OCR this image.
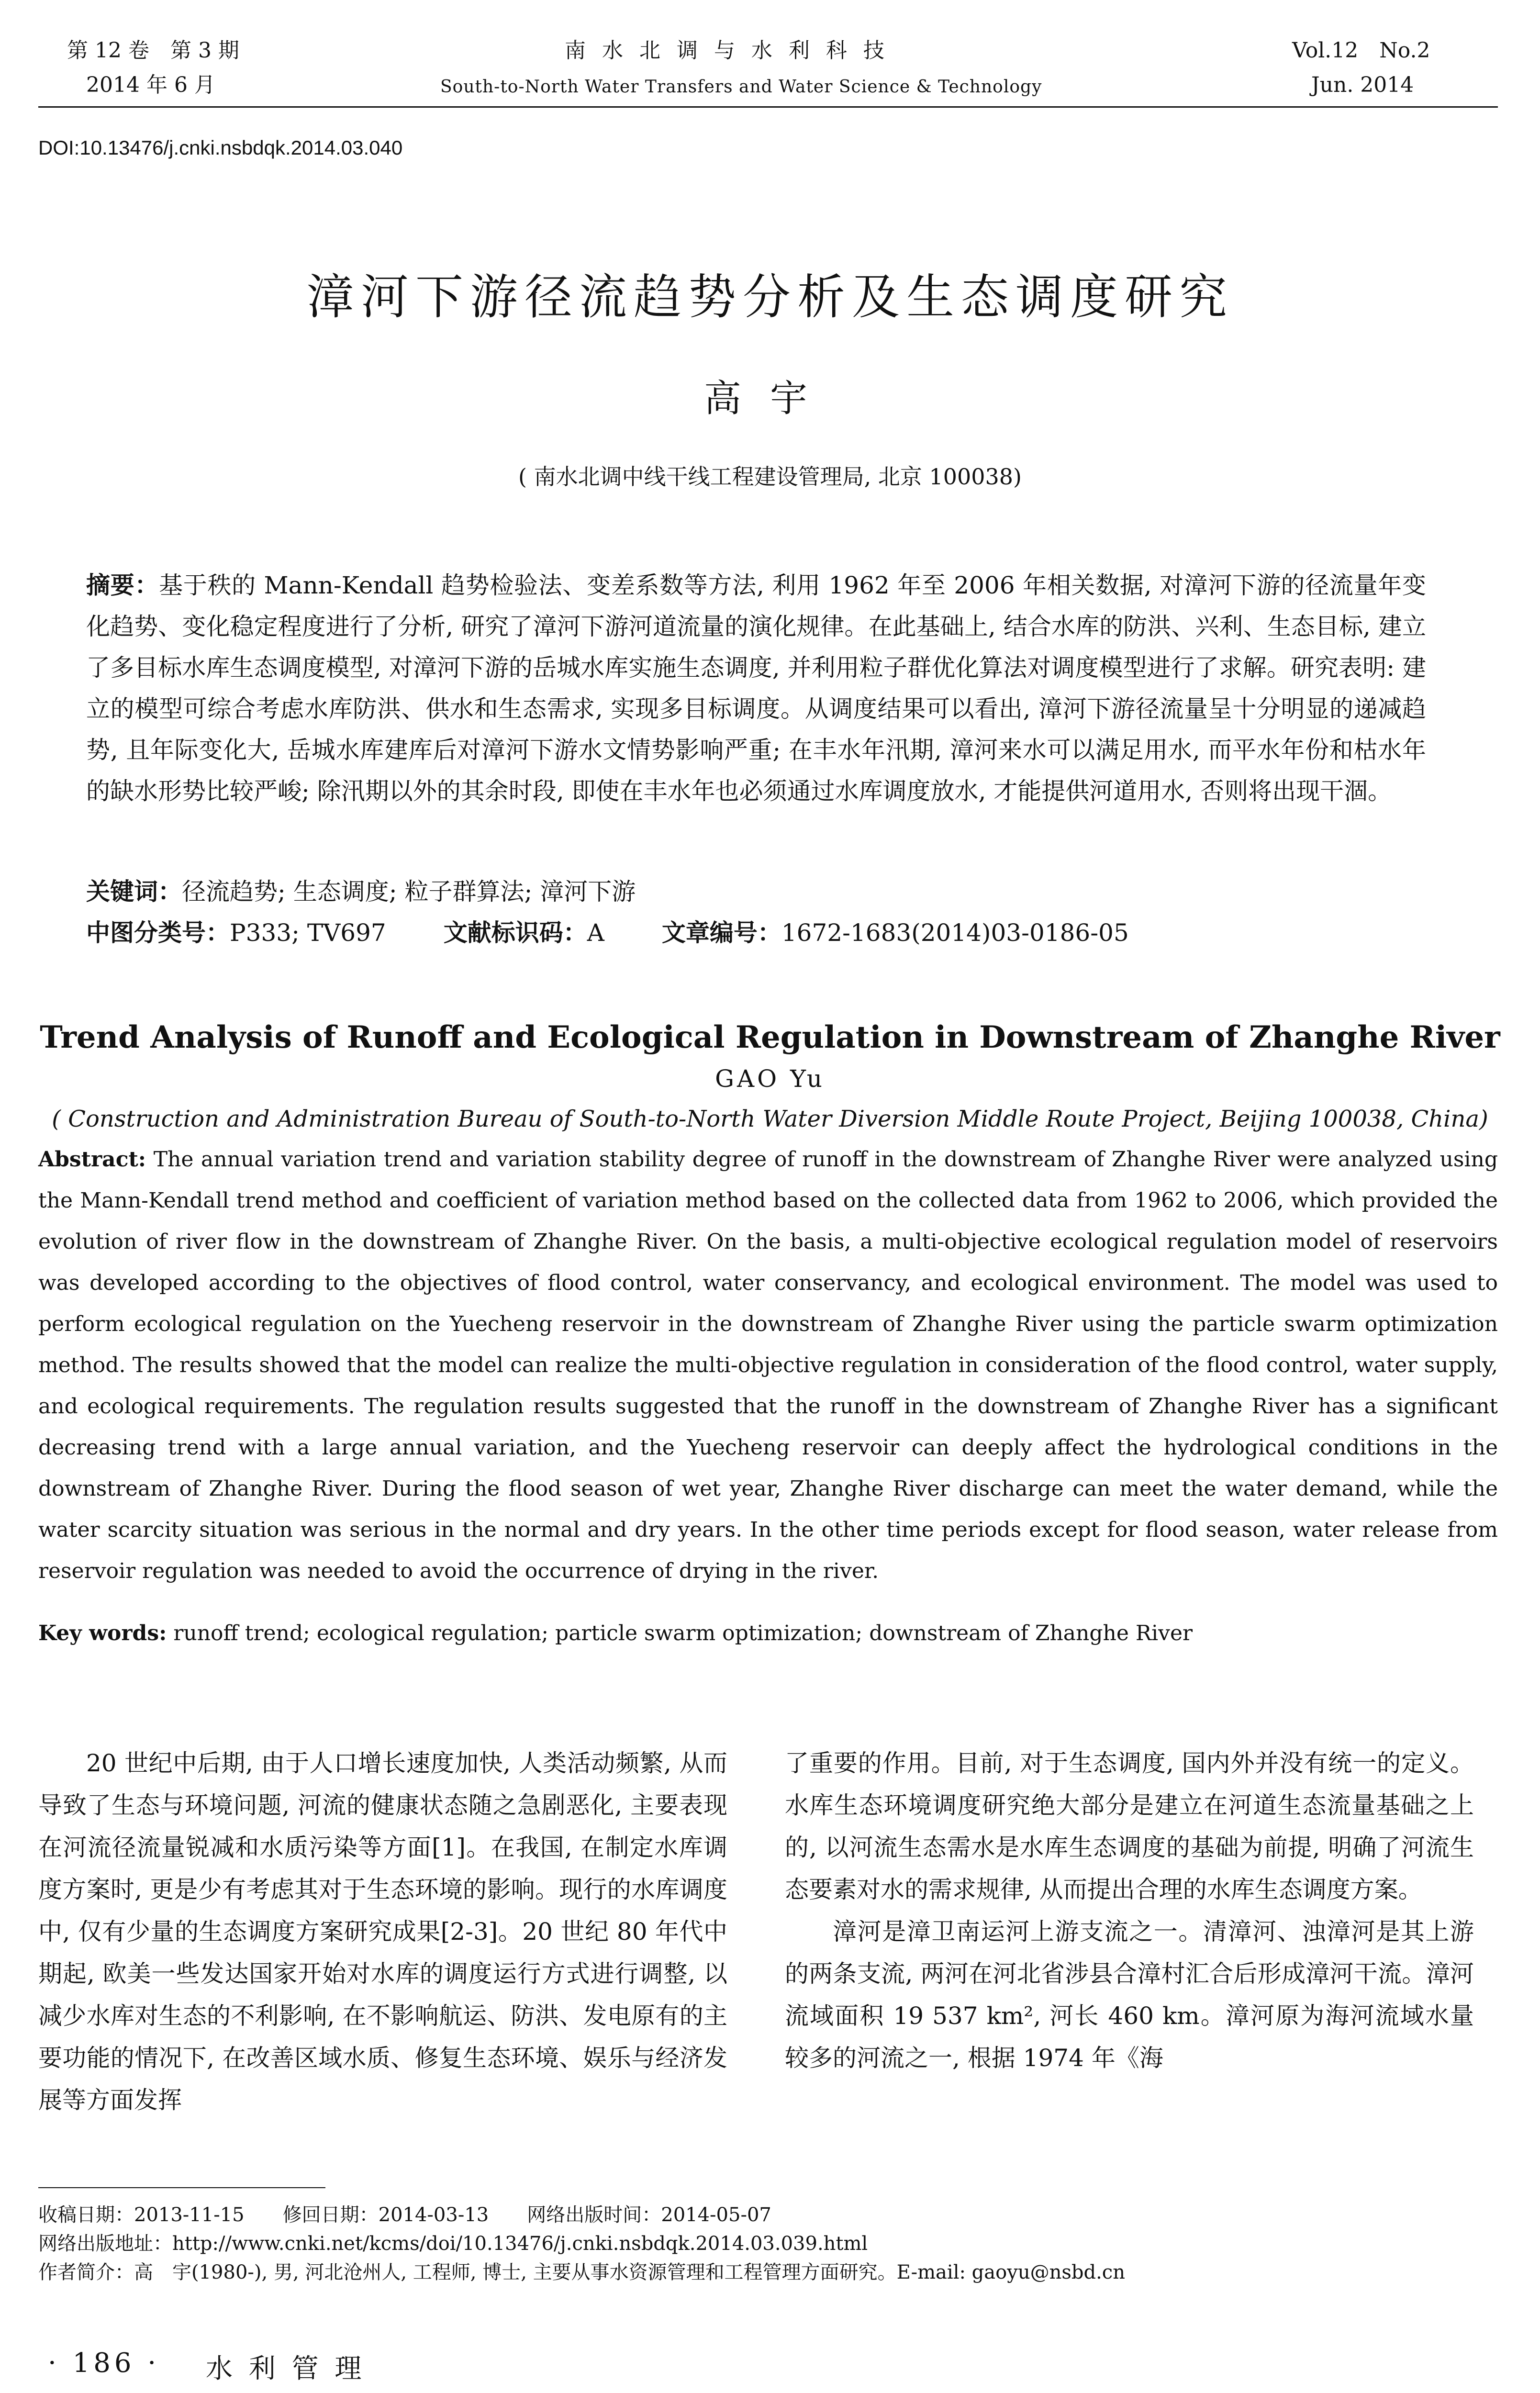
第 12 卷　第 3 期
2014 年 6 月
南 水 北 调 与 水 利 科 技
South-to-North Water Transfers and Water Science & Technology
Vol.12　No.2
Jun. 2014
DOI:10.13476/j.cnki.nsbdqk.2014.03.040
漳河下游径流趋势分析及生态调度研究
高宇
( 南水北调中线干线工程建设管理局, 北京 100038)
摘要：基于秩的 Mann-Kendall 趋势检验法、变差系数等方法, 利用 1962 年至 2006 年相关数据, 对漳河下游的径流量年变化趋势、变化稳定程度进行了分析, 研究了漳河下游河道流量的演化规律。在此基础上, 结合水库的防洪、兴利、生态目标, 建立了多目标水库生态调度模型, 对漳河下游的岳城水库实施生态调度, 并利用粒子群优化算法对调度模型进行了求解。研究表明: 建立的模型可综合考虑水库防洪、供水和生态需求, 实现多目标调度。从调度结果可以看出, 漳河下游径流量呈十分明显的递减趋势, 且年际变化大, 岳城水库建库后对漳河下游水文情势影响严重; 在丰水年汛期, 漳河来水可以满足用水, 而平水年份和枯水年的缺水形势比较严峻; 除汛期以外的其余时段, 即使在丰水年也必须通过水库调度放水, 才能提供河道用水, 否则将出现干涸。
关键词：径流趋势; 生态调度; 粒子群算法; 漳河下游
中图分类号：P333; TV697 文献标识码：A 文章编号：1672-1683(2014)03-0186-05
Trend Analysis of Runoff and Ecological Regulation in Downstream of Zhanghe River
GAO Yu
( Construction and Administration Bureau of South-to-North Water Diversion Middle Route Project, Beijing 100038, China)
Abstract: The annual variation trend and variation stability degree of runoff in the downstream of Zhanghe River were analyzed using the Mann-Kendall trend method and coefficient of variation method based on the collected data from 1962 to 2006, which provided the evolution of river flow in the downstream of Zhanghe River. On the basis, a multi-objective ecological regulation model of reservoirs was developed according to the objectives of flood control, water conservancy, and ecological environment. The model was used to perform ecological regulation on the Yuecheng reservoir in the downstream of Zhanghe River using the particle swarm optimization method. The results showed that the model can realize the multi-objective regulation in consideration of the flood control, water supply, and ecological requirements. The regulation results suggested that the runoff in the downstream of Zhanghe River has a significant decreasing trend with a large annual variation, and the Yuecheng reservoir can deeply affect the hydrological conditions in the downstream of Zhanghe River. During the flood season of wet year, Zhanghe River discharge can meet the water demand, while the water scarcity situation was serious in the normal and dry years. In the other time periods except for flood season, water release from reservoir regulation was needed to avoid the occurrence of drying in the river.
Key words: runoff trend; ecological regulation; particle swarm optimization; downstream of Zhanghe River

20 世纪中后期, 由于人口增长速度加快, 人类活动频繁, 从而导致了生态与环境问题, 河流的健康状态随之急剧恶化, 主要表现在河流径流量锐减和水质污染等方面[1]。在我国, 在制定水库调度方案时, 更是少有考虑其对于生态环境的影响。现行的水库调度中, 仅有少量的生态调度方案研究成果[2-3]。20 世纪 80 年代中期起, 欧美一些发达国家开始对水库的调度运行方式进行调整, 以减少水库对生态的不利影响, 在不影响航运、防洪、发电原有的主要功能的情况下, 在改善区域水质、修复生态环境、娱乐与经济发展等方面发挥

了重要的作用。目前, 对于生态调度, 国内外并没有统一的定义。水库生态环境调度研究绝大部分是建立在河道生态流量基础之上的, 以河流生态需水是水库生态调度的基础为前提, 明确了河流生态要素对水的需求规律, 从而提出合理的水库生态调度方案。

漳河是漳卫南运河上游支流之一。清漳河、浊漳河是其上游的两条支流, 两河在河北省涉县合漳村汇合后形成漳河干流。漳河流域面积 19 537 km², 河长 460 km。漳河原为海河流域水量较多的河流之一, 根据 1974 年《海

收稿日期：2013-11-15　　修回日期：2014-03-13　　网络出版时间：2014-05-07
网络出版地址：http://www.cnki.net/kcms/doi/10.13476/j.cnki.nsbdqk.2014.03.039.html
作者简介：高　宇(1980-), 男, 河北沧州人, 工程师, 博士, 主要从事水资源管理和工程管理方面研究。E-mail: gaoyu@nsbd.cn
· 186 · 水 利 管 理
